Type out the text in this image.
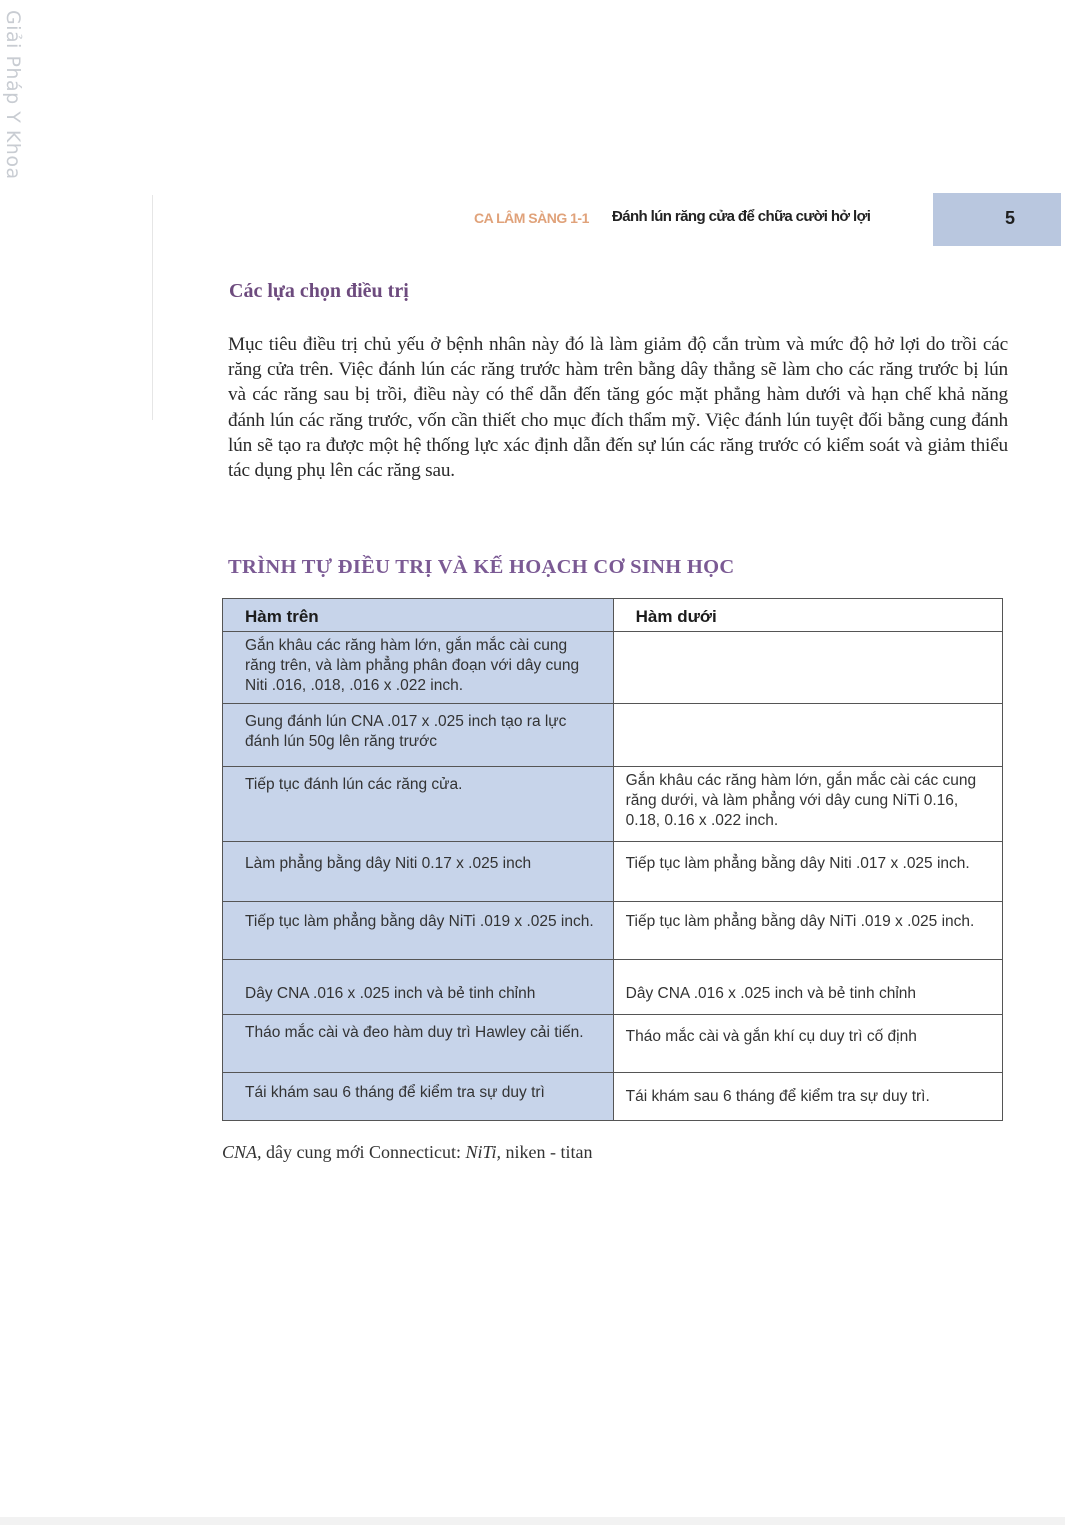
Giải Pháp Y Khoa
CA LÂM SÀNG 1-1 Đánh lún răng cửa để chữa cười hở lợi	5
Các lựa chọn điều trị

Mục tiêu điều trị chủ yếu ở bệnh nhân này đó là làm giảm độ cắn trùm và mức độ hở lợi do trồi các răng cửa trên. Việc đánh lún các răng trước hàm trên bằng dây thẳng sẽ làm cho các răng trước bị lún và các răng sau bị trồi, điều này có thể dẫn đến tăng góc mặt phẳng hàm dưới và hạn chế khả năng đánh lún các răng trước, vốn cần thiết cho mục đích thẩm mỹ. Việc đánh lún tuyệt đối bằng cung đánh lún sẽ tạo ra được một hệ thống lực xác định dẫn đến sự lún các răng trước có kiểm soát và giảm thiểu tác dụng phụ lên các răng sau.

TRÌNH TỰ ĐIỀU TRỊ VÀ KẾ HOẠCH CƠ SINH HỌC
Hàm trên	Hàm dưới
Gắn khâu các răng hàm lớn, gắn mắc cài cung răng trên, và làm phẳng phân đoạn với dây cung Niti .016, .018, .016 x .022 inch.	
Gung đánh lún CNA .017 x .025 inch tạo ra lực đánh lún 50g lên răng trước	
Tiếp tục đánh lún các răng cửa.	Gắn khâu các răng hàm lớn, gắn mắc cài các cung răng dưới, và làm phẳng với dây cung NiTi 0.16, 0.18, 0.16 x .022 inch.
Làm phẳng bằng dây Niti 0.17 x .025 inch	Tiếp tục làm phẳng bằng dây Niti .017 x .025 inch.
Tiếp tục làm phẳng bằng dây NiTi .019 x .025 inch.	Tiếp tục làm phẳng bằng dây NiTi .019 x .025 inch.
Dây CNA .016 x .025 inch và bẻ tinh chỉnh	Dây CNA .016 x .025 inch và bẻ tinh chỉnh
Tháo mắc cài và đeo hàm duy trì Hawley cải tiến.	Tháo mắc cài và gắn khí cụ duy trì cố định
Tái khám sau 6 tháng để kiểm tra sự duy trì	Tái khám sau 6 tháng để kiểm tra sự duy trì.
CNA, dây cung mới Connecticut: NiTi, niken - titan
